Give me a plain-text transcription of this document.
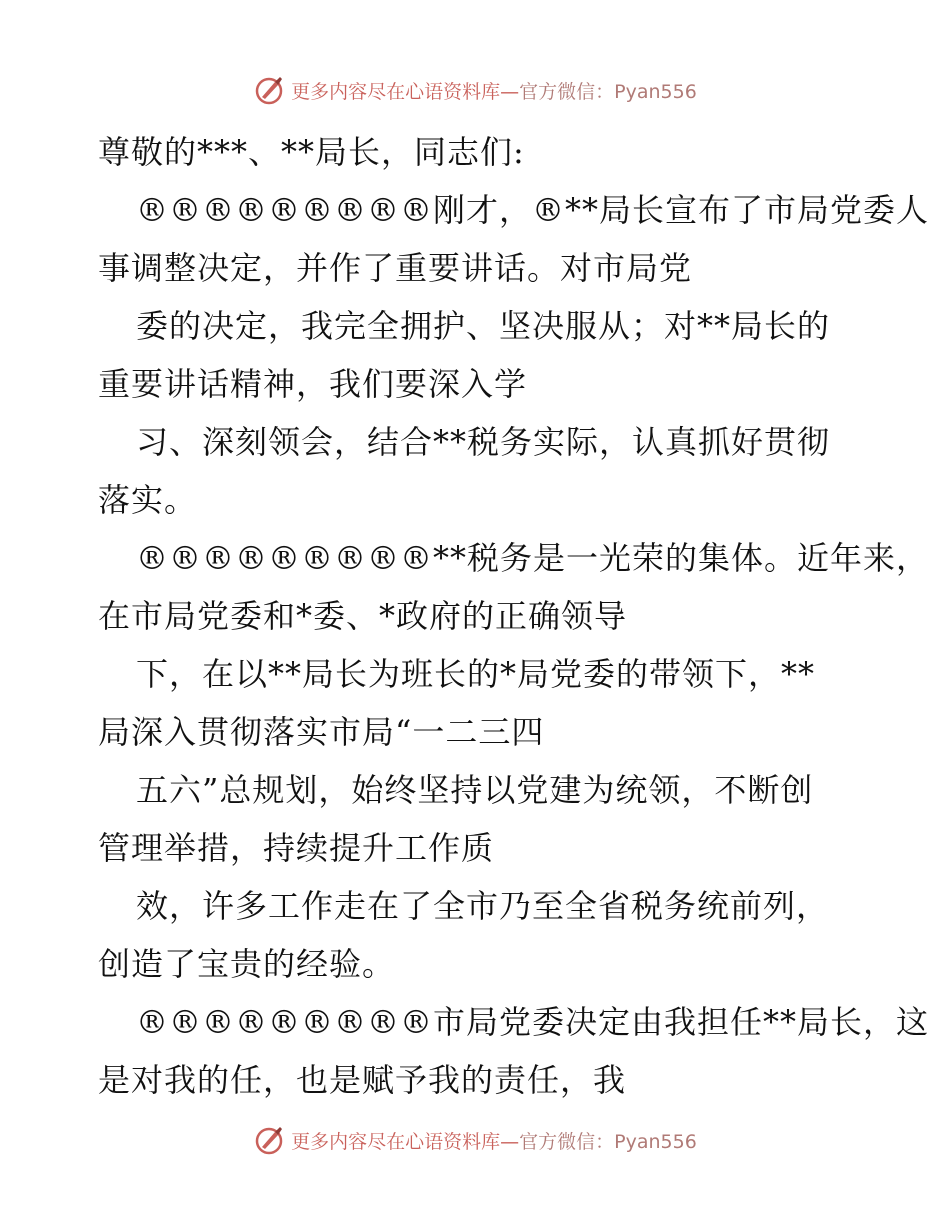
更多内容尽在心语资料库—官方微信：Pyan556
尊敬的***、**局长，同志们:
®®®®®®®®®刚才，®**局长宣布了市局党委人
事调整决定，并作了重要讲话。对市局党
委的决定，我完全拥护、坚决服从；对**局长的
重要讲话精神，我们要深入学
习、深刻领会，结合**税务实际，认真抓好贯彻
落实。
®®®®®®®®®**税务是一光荣的集体。近年来，
在市局党委和*委、*政府的正确领导
下，在以**局长为班长的*局党委的带领下，**
局深入贯彻落实市局“一二三四
五六”总规划，始终坚持以党建为统领，不断创
管理举措，持续提升工作质
效，许多工作走在了全市乃至全省税务统前列，
创造了宝贵的经验。
®®®®®®®®®市局党委决定由我担任**局长，这
是对我的任，也是赋予我的责任，我
更多内容尽在心语资料库—官方微信：Pyan556
